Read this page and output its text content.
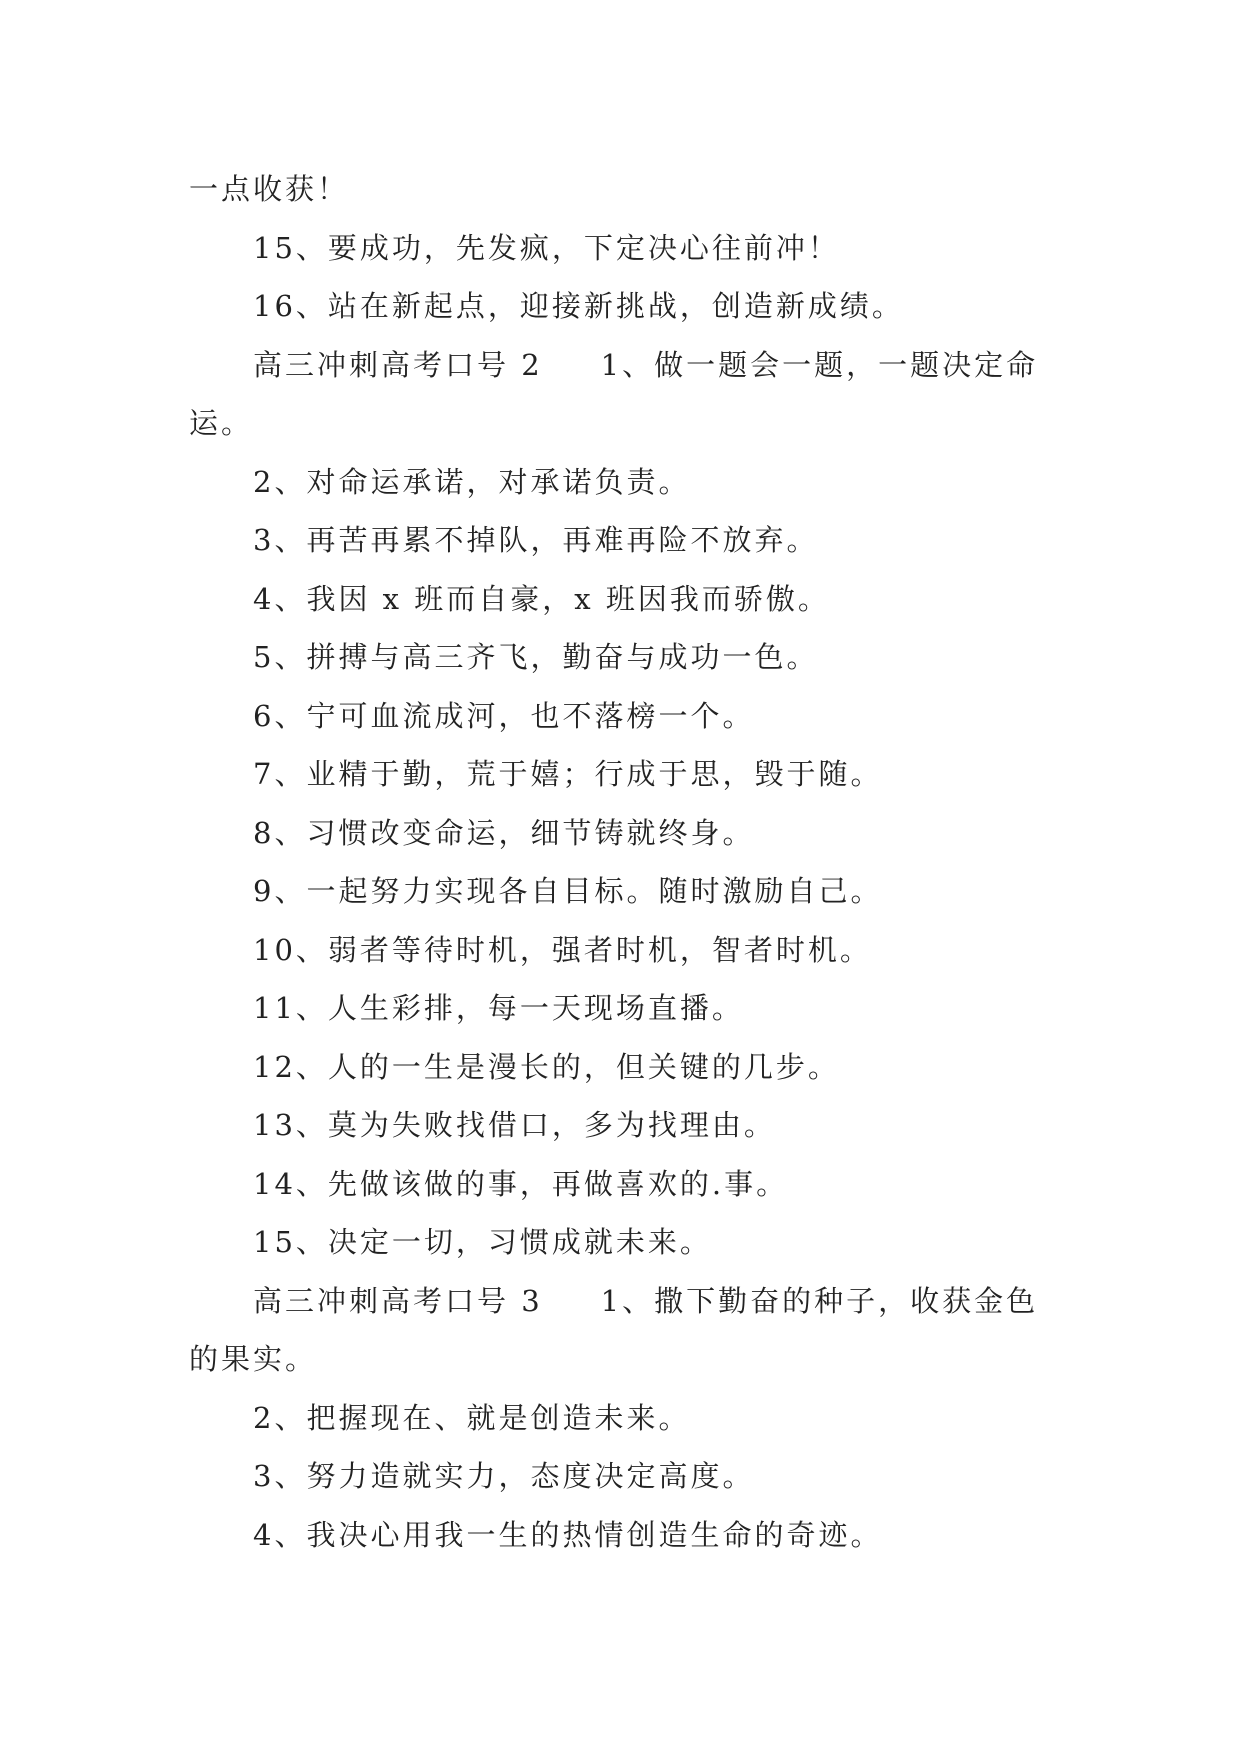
一点收获！
15、要成功，先发疯，下定决心往前冲！
16、站在新起点，迎接新挑战，创造新成绩。
高三冲刺高考口号 2 1、做一题会一题，一题决定命
运。
2、对命运承诺，对承诺负责。
3、再苦再累不掉队，再难再险不放弃。
4、我因 x 班而自豪，x 班因我而骄傲。
5、拼搏与高三齐飞，勤奋与成功一色。
6、宁可血流成河，也不落榜一个。
7、业精于勤，荒于嬉；行成于思，毁于随。
8、习惯改变命运，细节铸就终身。
9、一起努力实现各自目标。随时激励自己。
10、弱者等待时机，强者时机，智者时机。
11、人生彩排，每一天现场直播。
12、人的一生是漫长的，但关键的几步。
13、莫为失败找借口，多为找理由。
14、先做该做的事，再做喜欢的.事。
15、决定一切，习惯成就未来。
高三冲刺高考口号 3 1、撒下勤奋的种子，收获金色
的果实。
2、把握现在、就是创造未来。
3、努力造就实力，态度决定高度。
4、我决心用我一生的热情创造生命的奇迹。
